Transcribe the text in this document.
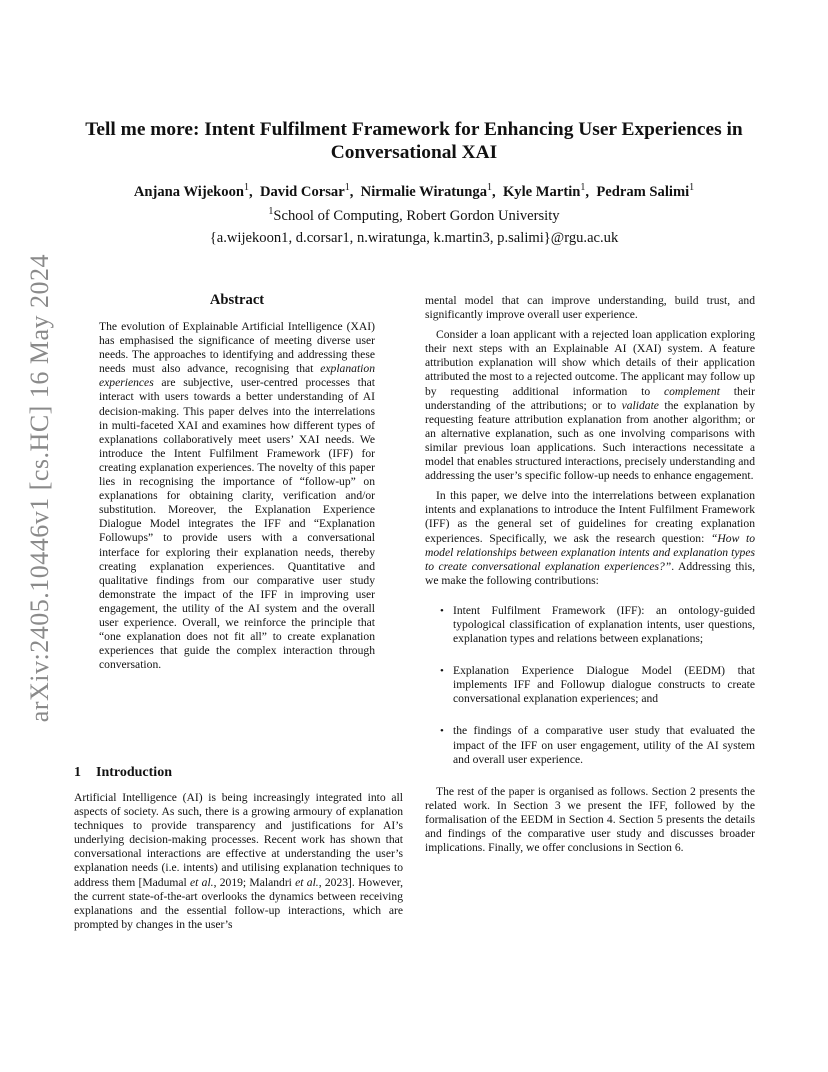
arXiv:2405.10446v1 [cs.HC] 16 May 2024
Tell me more: Intent Fulfilment Framework for Enhancing User Experiences in
Conversational XAI
Anjana Wijekoon$^1$,  David Corsar$^1$,  Nirmalie Wiratunga$^1$,  Kyle Martin$^1$,  Pedram Salimi$^1$
$^1$School of Computing, Robert Gordon University
{a.wijekoon1, d.corsar1, n.wiratunga, k.martin3, p.salimi}@rgu.ac.uk
Abstract

The evolution of Explainable Artificial Intelligence (XAI) has emphasised the significance of meeting diverse user needs. The approaches to identifying and addressing these needs must also advance, recognising that explanation experiences are subjective, user-centred processes that interact with users towards a better understanding of AI decision-making. This paper delves into the interrelations in multi-faceted XAI and examines how different types of explanations collaboratively meet users’ XAI needs. We introduce the Intent Fulfilment Framework (IFF) for creating explanation experiences. The novelty of this paper lies in recognising the importance of “follow-up” on explanations for obtaining clarity, verification and/or substitution. Moreover, the Explanation Experience Dialogue Model integrates the IFF and “Explanation Followups” to provide users with a conversational interface for exploring their explanation needs, thereby creating explanation experiences. Quantitative and qualitative findings from our comparative user study demonstrate the impact of the IFF in improving user engagement, the utility of the AI system and the overall user experience. Overall, we reinforce the principle that “one explanation does not fit all” to create explanation experiences that guide the complex interaction through conversation.

1 Introduction

Artificial Intelligence (AI) is being increasingly integrated into all aspects of society. As such, there is a growing armoury of explanation techniques to provide transparency and justifications for AI’s underlying decision-making processes. Recent work has shown that conversational interactions are effective at understanding the user’s explanation needs (i.e. intents) and utilising explanation techniques to address them [Madumal et al., 2019; Malandri et al., 2023]. However, the current state-of-the-art overlooks the dynamics between receiving explanations and the essential follow-up interactions, which are prompted by changes in the user’s

mental model that can improve understanding, build trust, and significantly improve overall user experience.

Consider a loan applicant with a rejected loan application exploring their next steps with an Explainable AI (XAI) system. A feature attribution explanation will show which details of their application attributed the most to a rejected outcome. The applicant may follow up by requesting additional information to complement their understanding of the attributions; or to validate the explanation by requesting feature attribution explanation from another algorithm; or an alternative explanation, such as one involving comparisons with similar previous loan applications. Such interactions necessitate a model that enables structured interactions, precisely understanding and addressing the user’s specific follow-up needs to enhance engagement.

In this paper, we delve into the interrelations between explanation intents and explanations to introduce the Intent Fulfilment Framework (IFF) as the general set of guidelines for creating explanation experiences. Specifically, we ask the research question: “How to model relationships between explanation intents and explanation types to create conversational explanation experiences?”. Addressing this, we make the following contributions:

• Intent Fulfilment Framework (IFF): an ontology-guided typological classification of explanation intents, user questions, explanation types and relations between explanations;
• Explanation Experience Dialogue Model (EEDM) that implements IFF and Followup dialogue constructs to create conversational explanation experiences; and
• the findings of a comparative user study that evaluated the impact of the IFF on user engagement, utility of the AI system and overall user experience.

The rest of the paper is organised as follows. Section 2 presents the related work. In Section 3 we present the IFF, followed by the formalisation of the EEDM in Section 4. Section 5 presents the details and findings of the comparative user study and discusses broader implications. Finally, we offer conclusions in Section 6.
